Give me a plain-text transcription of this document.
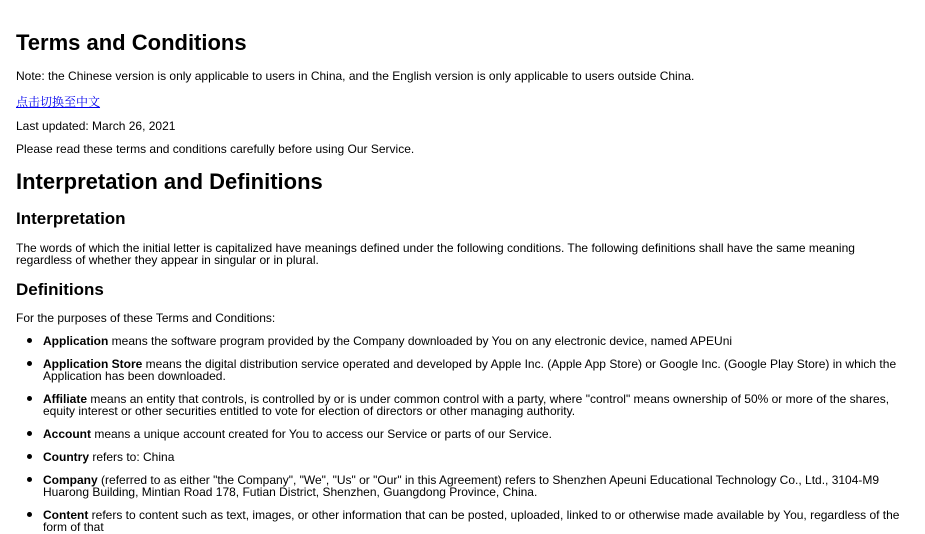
Terms and Conditions
Note: the Chinese version is only applicable to users in China, and the English version is only applicable to users outside China.
点击切换至中文
Last updated: March 26, 2021
Please read these terms and conditions carefully before using Our Service.
Interpretation and Definitions
Interpretation
The words of which the initial letter is capitalized have meanings defined under the following conditions. The following definitions shall have the same meaning regardless of whether they appear in singular or in plural.
Definitions
For the purposes of these Terms and Conditions:
Application means the software program provided by the Company downloaded by You on any electronic device, named APEUni
Application Store means the digital distribution service operated and developed by Apple Inc. (Apple App Store) or Google Inc. (Google Play Store) in which the Application has been downloaded.
Affiliate means an entity that controls, is controlled by or is under common control with a party, where "control" means ownership of 50% or more of the shares, equity interest or other securities entitled to vote for election of directors or other managing authority.
Account means a unique account created for You to access our Service or parts of our Service.
Country refers to: China
Company (referred to as either "the Company", "We", "Us" or "Our" in this Agreement) refers to Shenzhen Apeuni Educational Technology Co., Ltd., 3104-M9 Huarong Building, Mintian Road 178, Futian District, Shenzhen, Guangdong Province, China.
Content refers to content such as text, images, or other information that can be posted, uploaded, linked to or otherwise made available by You, regardless of the form of that
